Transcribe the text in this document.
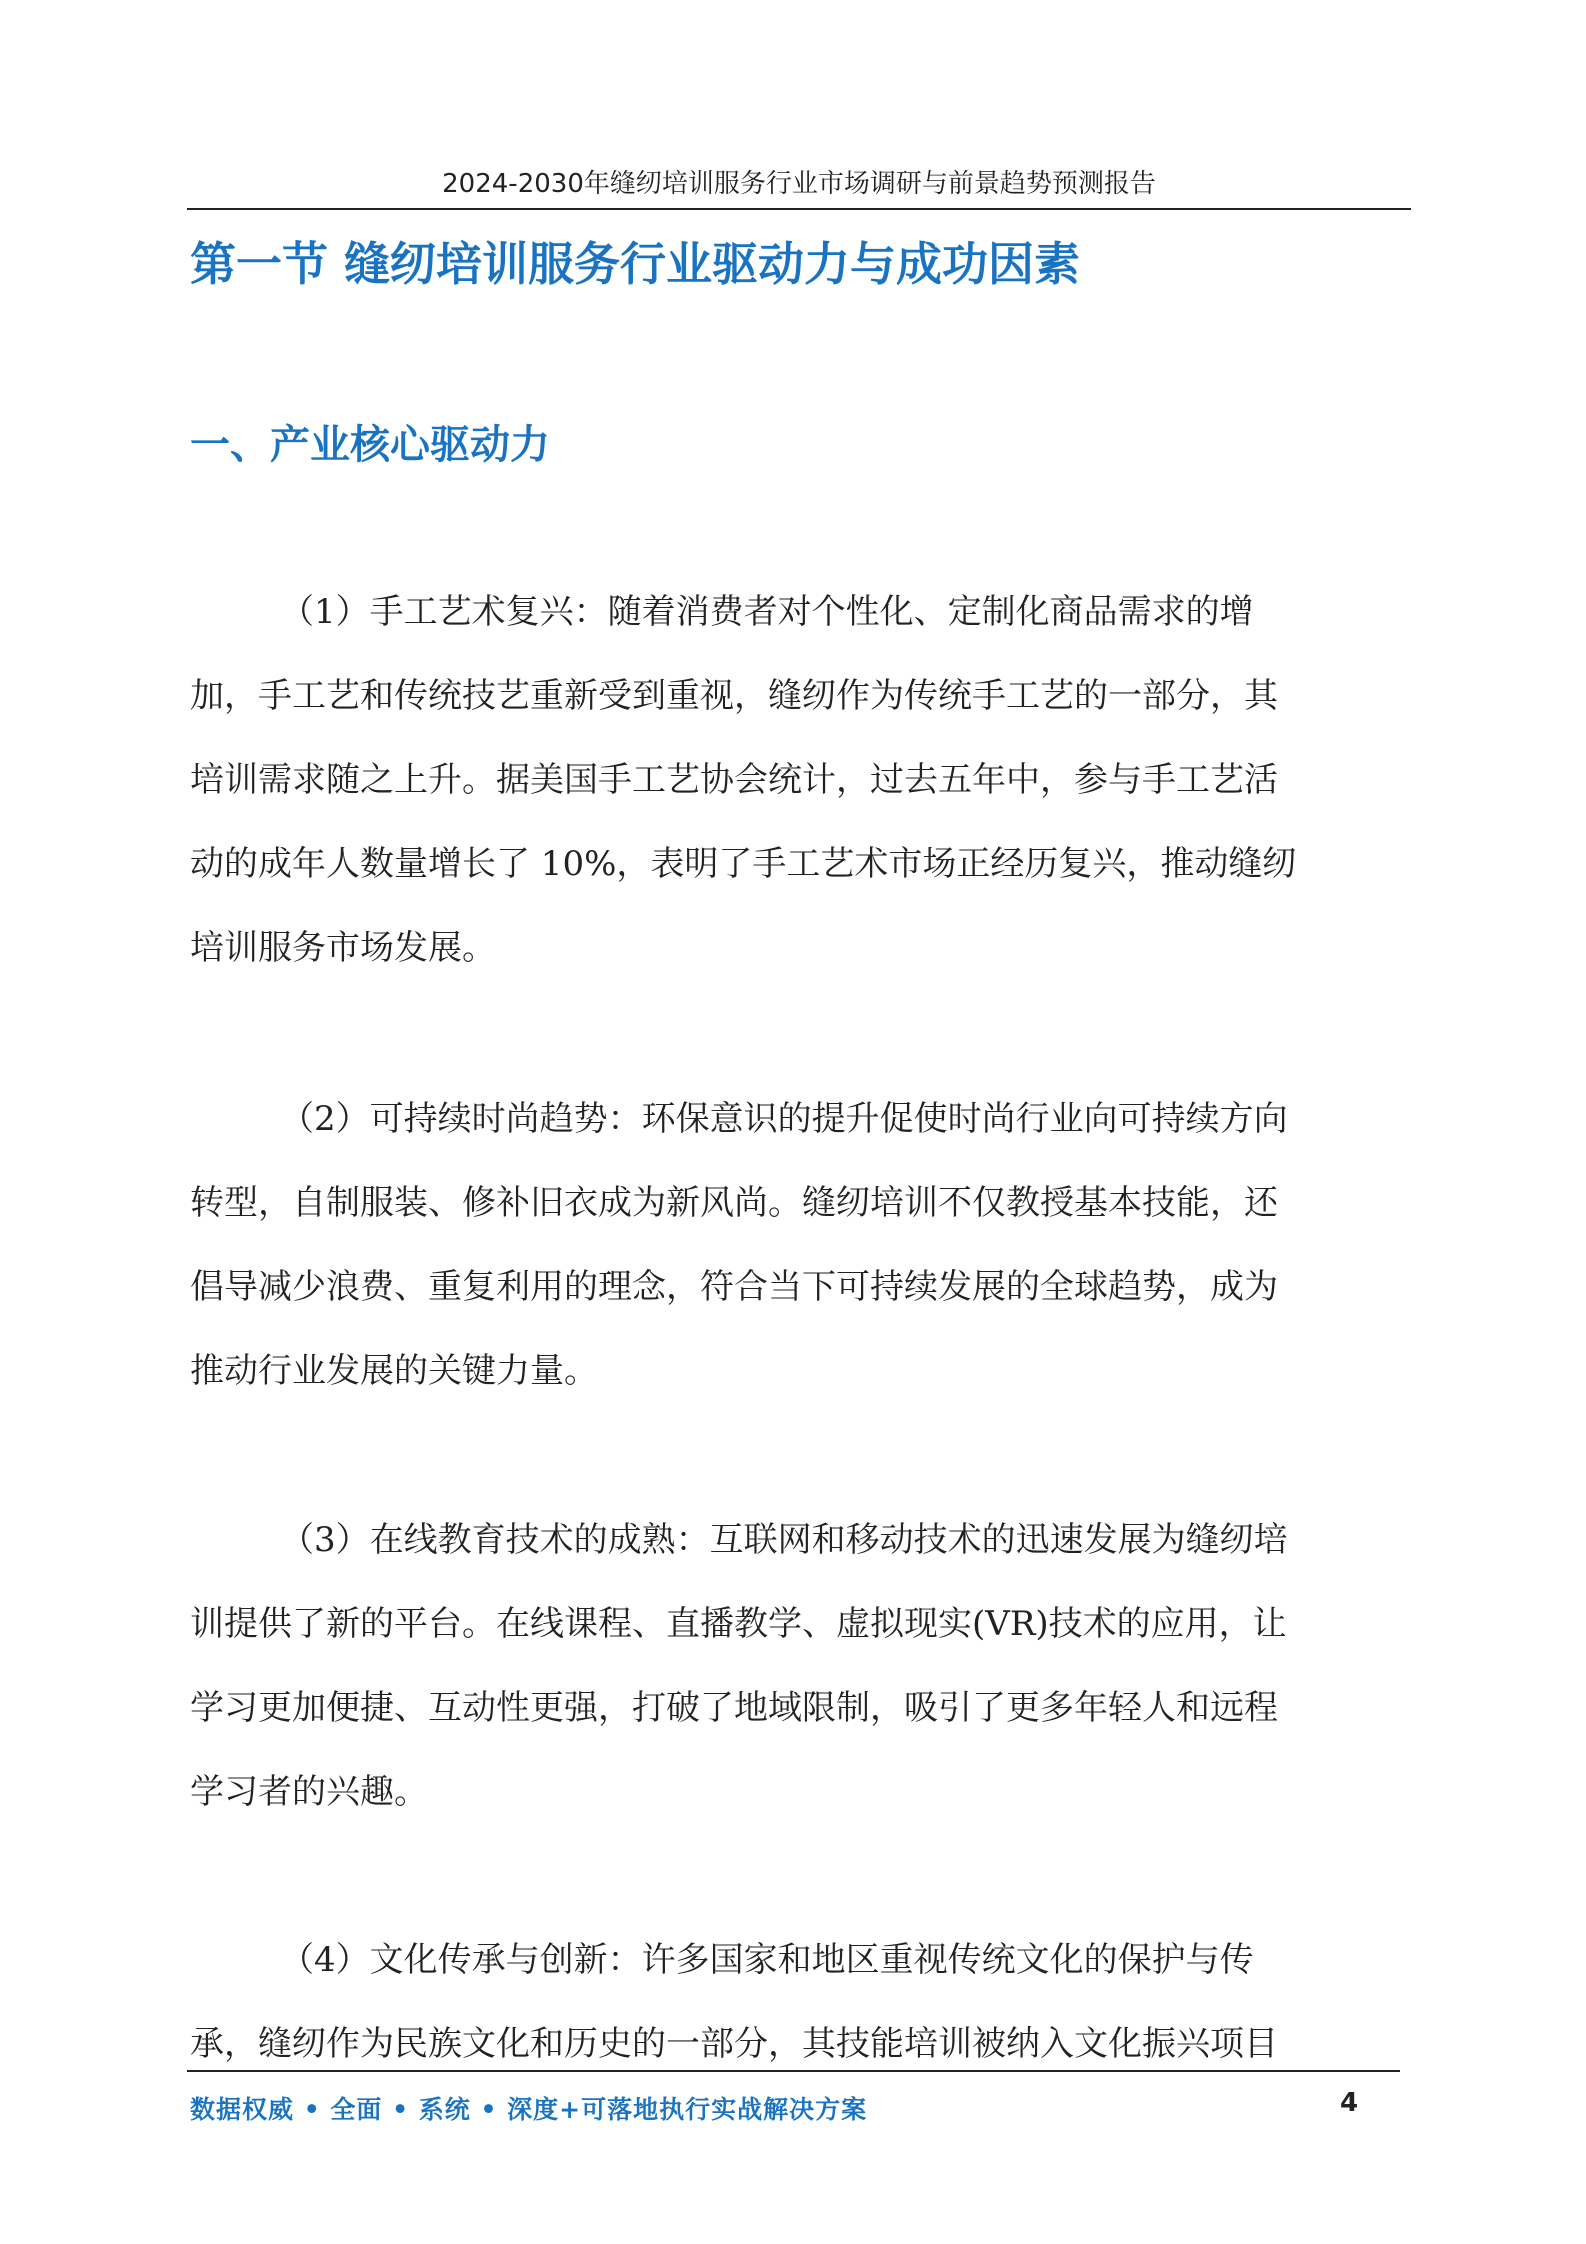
2024-2030年缝纫培训服务行业市场调研与前景趋势预测报告
第一节 缝纫培训服务行业驱动力与成功因素
一、产业核心驱动力
（1）手工艺术复兴：随着消费者对个性化、定制化商品需求的增
加，手工艺和传统技艺重新受到重视，缝纫作为传统手工艺的一部分，其
培训需求随之上升。据美国手工艺协会统计，过去五年中，参与手工艺活
动的成年人数量增长了 10%，表明了手工艺术市场正经历复兴，推动缝纫
培训服务市场发展。
（2）可持续时尚趋势：环保意识的提升促使时尚行业向可持续方向
转型，自制服装、修补旧衣成为新风尚。缝纫培训不仅教授基本技能，还
倡导减少浪费、重复利用的理念，符合当下可持续发展的全球趋势，成为
推动行业发展的关键力量。
（3）在线教育技术的成熟：互联网和移动技术的迅速发展为缝纫培
训提供了新的平台。在线课程、直播教学、虚拟现实(VR)技术的应用，让
学习更加便捷、互动性更强，打破了地域限制，吸引了更多年轻人和远程
学习者的兴趣。
（4）文化传承与创新：许多国家和地区重视传统文化的保护与传
承，缝纫作为民族文化和历史的一部分，其技能培训被纳入文化振兴项目
数据权威 • 全面 • 系统 • 深度+可落地执行实战解决方案	4
